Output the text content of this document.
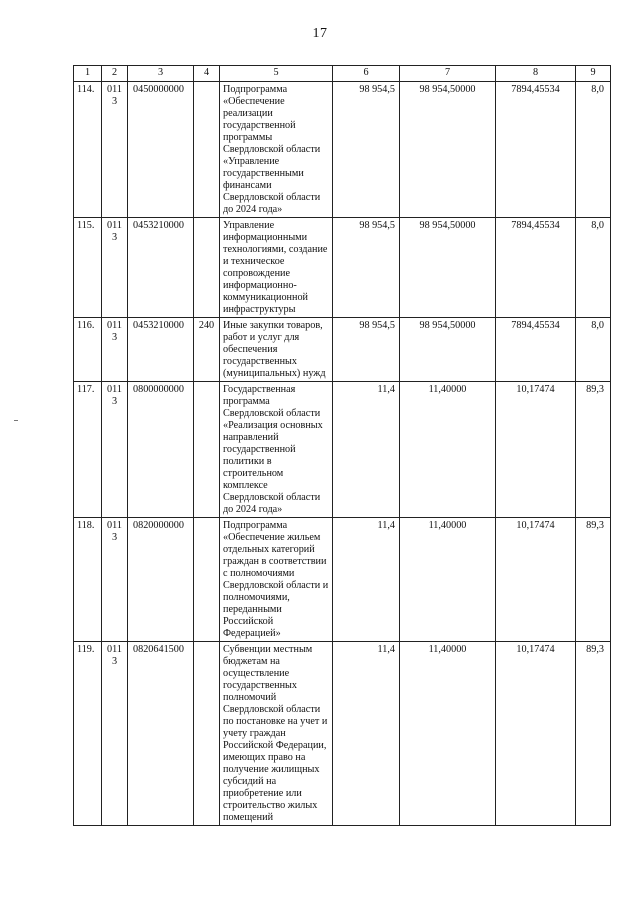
17
1	2	3	4	5	6	7	8	9
114.	0113	0450000000		Подпрограмма «Обеспечение реализации государственной программы Свердловской области «Управление государственными финансами Свердловской области до 2024 года»	98 954,5	98 954,50000	7894,45534	8,0
115.	0113	0453210000		Управление информационными технологиями, создание и техническое сопровождение информационно-коммуникационной инфраструктуры	98 954,5	98 954,50000	7894,45534	8,0
116.	0113	0453210000	240	Иные закупки товаров, работ и услуг для обеспечения государственных (муниципальных) нужд	98 954,5	98 954,50000	7894,45534	8,0
117.	0113	0800000000		Государственная программа Свердловской области «Реализация основных направлений государственной политики в строительном комплексе Свердловской области до 2024 года»	11,4	11,40000	10,17474	89,3
118.	0113	0820000000		Подпрограмма «Обеспечение жильем отдельных категорий граждан в соответствии с полномочиями Свердловской области и полномочиями, переданными Российской Федерацией»	11,4	11,40000	10,17474	89,3
119.	0113	0820641500		Субвенции местным бюджетам на осуществление государственных полномочий Свердловской области по постановке на учет и учету граждан Российской Федерации, имеющих право на получение жилищных субсидий на приобретение или строительство жилых помещений	11,4	11,40000	10,17474	89,3
